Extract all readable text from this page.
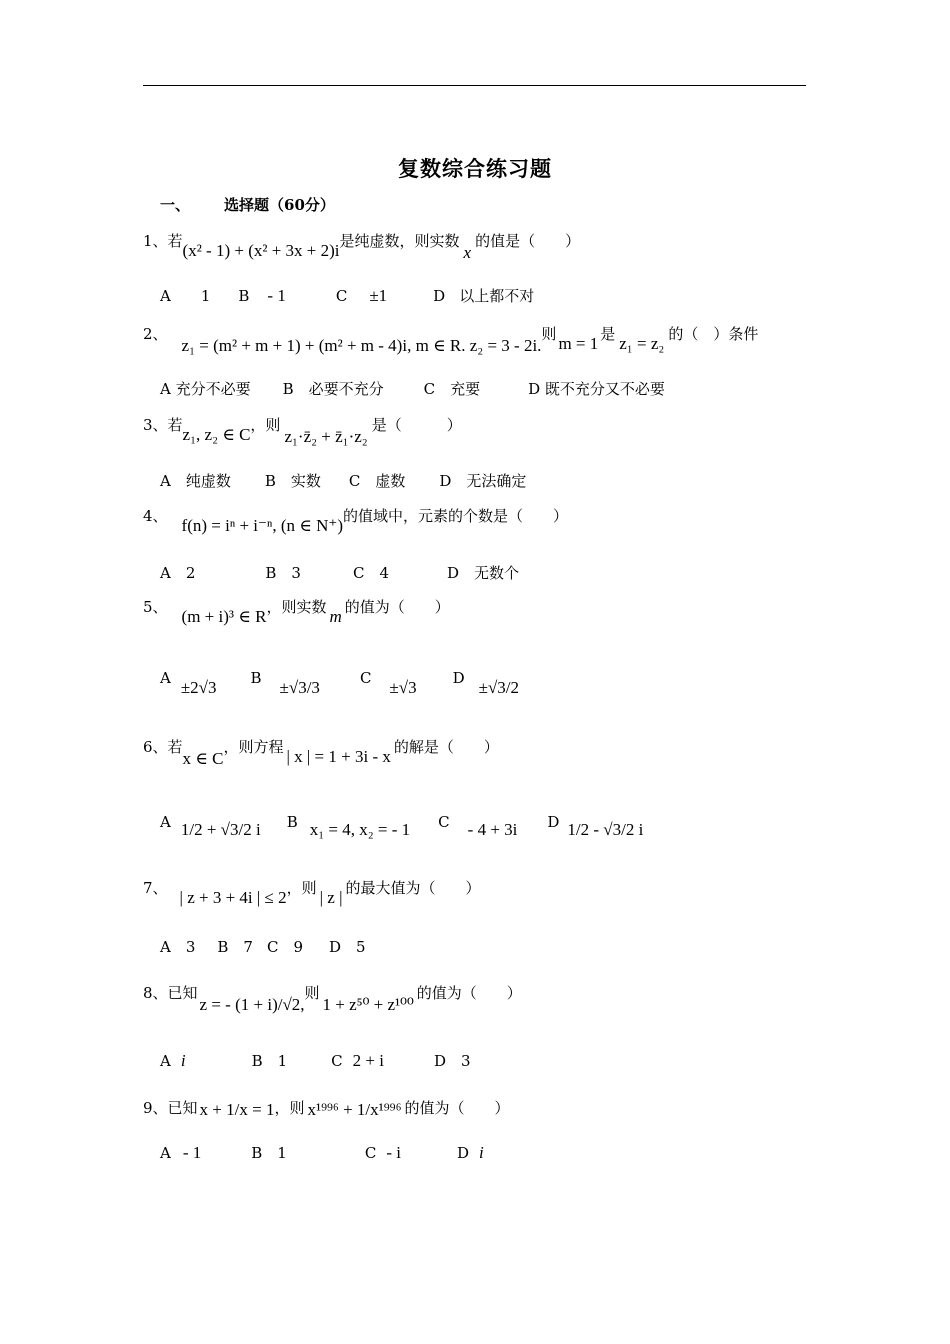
复数综合练习题
一、 选择题（60分）
1、若(x² - 1) + (x² + 3x + 2)i是纯虚数，则实数x的值是（　　）
A 1 B - 1	C ±1	D 以上都不对
2、z₁ = (m² + m + 1) + (m² + m - 4)i, m ∈ R. z₂ = 3 - 2i.则 m = 1 是 z₁ = z₂ 的（　）条件
A 充分不必要 B　必要不充分	C　充要	D 既不充分又不必要
3、若z₁, z₂ ∈ C，则z₁·z̄₂ + z̄₁·z₂是（　　　）
A　纯虚数 B　实数 C　虚数 D　无法确定
4、 f(n) = iⁿ + i⁻ⁿ, (n ∈ N⁺)的值域中，元素的个数是（　　）
A　2	B　3	C　4	D　无数个
5、 (m + i)³ ∈ R，则实数 m 的值为（　　）
A ±2√3 B ±√3/3	C ±√3 D ±√3/2
6、若x ∈ C，则方程 | x | = 1 + 3i - x 的解是（　　）
A 1/2 + √3/2 i B x₁ = 4, x₂ = - 1 C - 4 + 3i D 1/2 - √3/2 i
7、 | z + 3 + 4i | ≤ 2，则 | z | 的最大值为（　　）
A　3 B　7 C　9 D　5
8、已知z = - (1 + i)/√2,则1 + z⁵⁰ + z¹⁰⁰的值为（　　）
A i	B　1	C 2 + i	D　3
9、已知 x + 1/x = 1，则 x¹⁹⁹⁶ + 1/x¹⁹⁹⁶ 的值为（　　）
A - 1	B　1	C - i	D i
